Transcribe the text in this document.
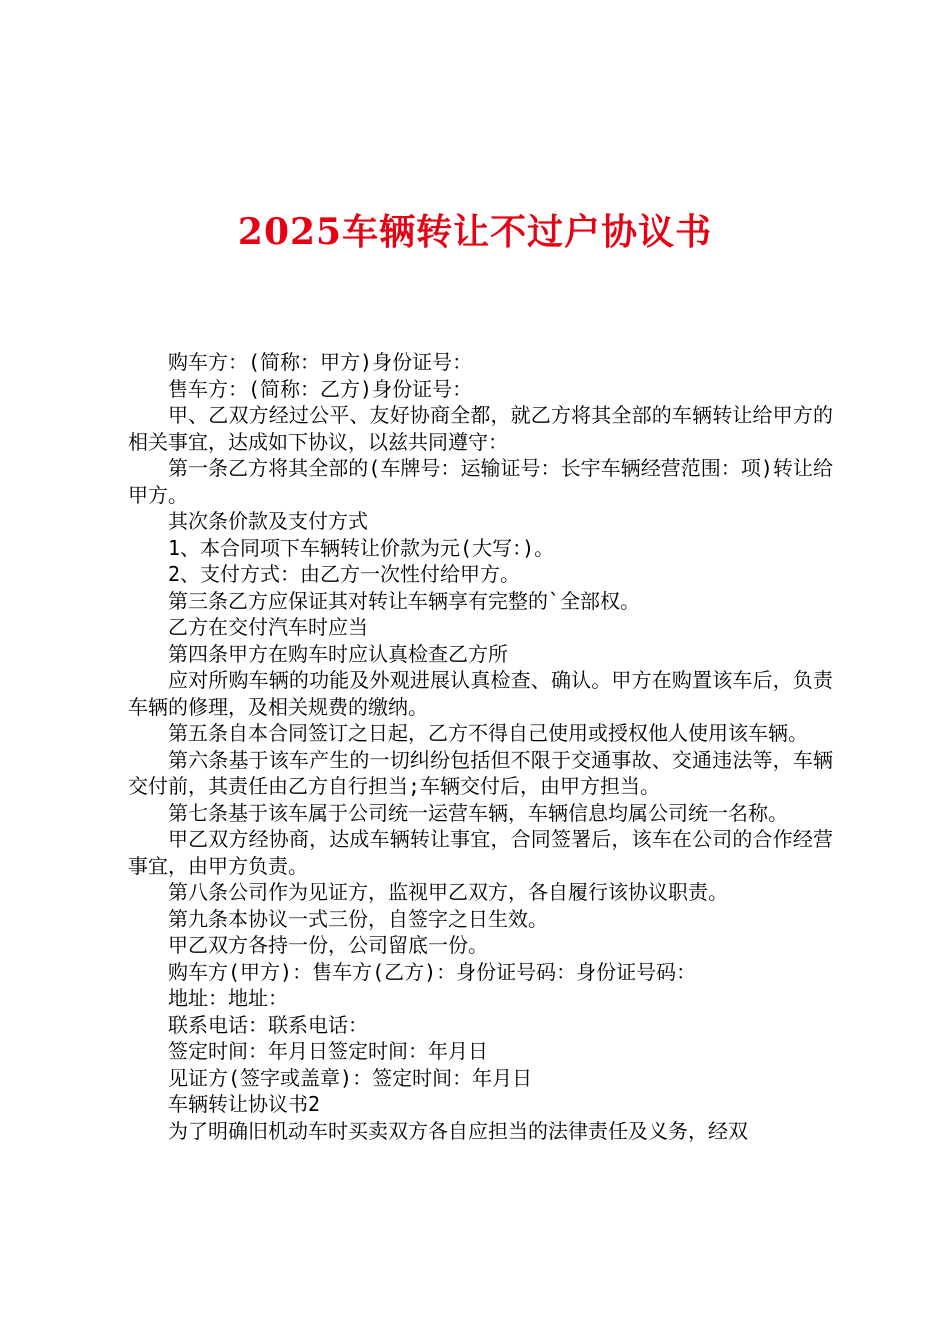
2025车辆转让不过户协议书

购车方：(简称：甲方)身份证号：

售车方：(简称：乙方)身份证号：

甲、乙双方经过公平、友好协商全都，就乙方将其全部的车辆转让给甲方的相关事宜，达成如下协议，以兹共同遵守：

第一条乙方将其全部的(车牌号：运输证号：长宇车辆经营范围：项)转让给甲方。

其次条价款及支付方式

1、本合同项下车辆转让价款为元(大写：)。

2、支付方式：由乙方一次性付给甲方。

第三条乙方应保证其对转让车辆享有完整的`全部权。

乙方在交付汽车时应当

第四条甲方在购车时应认真检查乙方所

应对所购车辆的功能及外观进展认真检查、确认。甲方在购置该车后，负责车辆的修理，及相关规费的缴纳。

第五条自本合同签订之日起，乙方不得自己使用或授权他人使用该车辆。

第六条基于该车产生的一切纠纷包括但不限于交通事故、交通违法等，车辆交付前，其责任由乙方自行担当;车辆交付后，由甲方担当。

第七条基于该车属于公司统一运营车辆，车辆信息均属公司统一名称。

甲乙双方经协商，达成车辆转让事宜，合同签署后，该车在公司的合作经营事宜，由甲方负责。

第八条公司作为见证方，监视甲乙双方，各自履行该协议职责。

第九条本协议一式三份，自签字之日生效。

甲乙双方各持一份，公司留底一份。

购车方(甲方)：售车方(乙方)：身份证号码：身份证号码：

地址：地址：

联系电话：联系电话：

签定时间：年月日签定时间：年月日

见证方(签字或盖章)：签定时间：年月日

车辆转让协议书2

为了明确旧机动车时买卖双方各自应担当的法律责任及义务，经双
